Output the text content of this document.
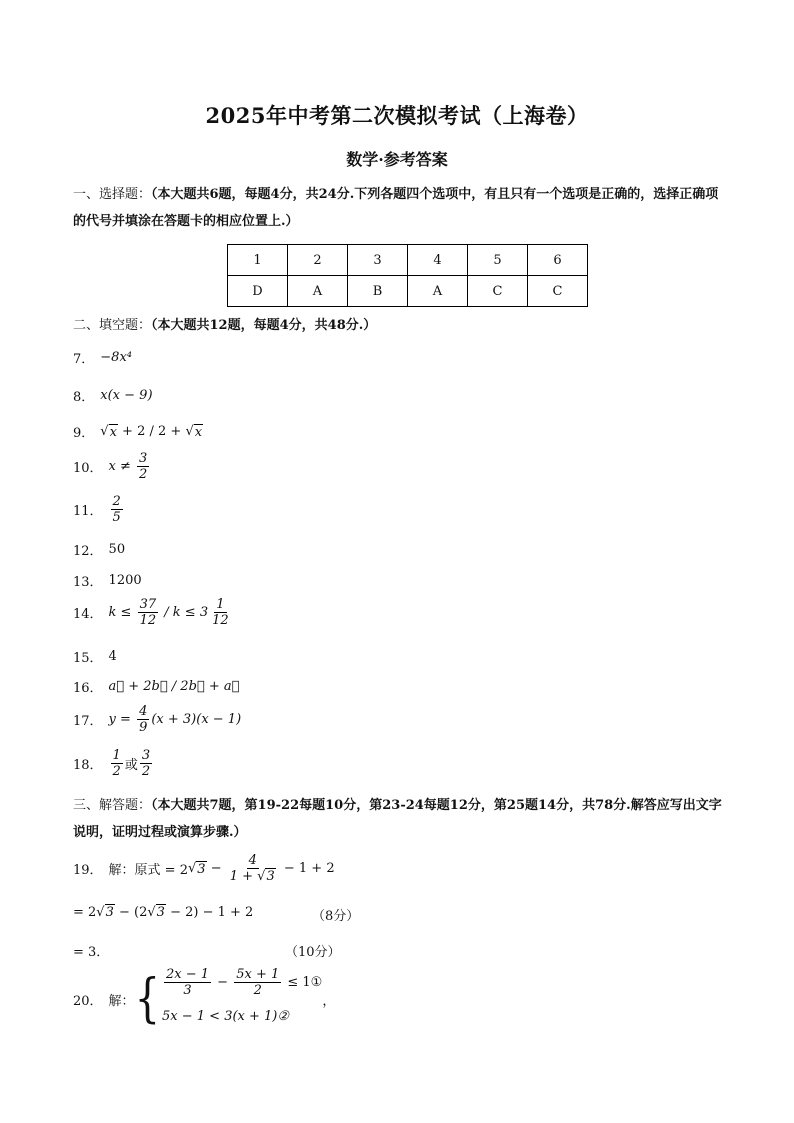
2025年中考第二次模拟考试（上海卷）
数学·参考答案
一、选择题：（本大题共6题，每题4分，共24分.下列各题四个选项中，有且只有一个选项是正确的，选择正确项的代号并填涂在答题卡的相应位置上.）
1	2	3	4	5	6
D	A	B	A	C	C
二、填空题：（本大题共12题，每题4分，共48分.）
7． −8x⁴
8． x(x − 9)
9． √ x + 2 / 2 + √ x
10． $x \ne \frac{3}{2}$
11． $\frac{2}{5}$
12． 50
13． 1200
14． $k \le \frac{37}{12} / k \le 3 \frac{1}{12}$
15． 4
16． a⃗ + 2b⃗ / 2b⃗ + a⃗
17． $y = \frac{4}{9} (x + 3)(x - 1)$
18． $\frac{1}{2}$ 或 $\frac{3}{2}$
三、解答题：（本大题共7题，第19-22每题10分，第23-24每题12分，第25题14分，共78分.解答应写出文字说明，证明过程或演算步骤.）
19． 解：原式 = 2 √ $3 - \frac{4}{1 + √3} - 1 + 2$
= 2 √ 3 − (2 √ 3 − 2) − 1 + 2	（8分）
= 3．	（10分）
20． 解： { $\frac{2x - 1}{3} - \frac{5x + 1}{2}$ ≤ 1①
5x − 1 < 3(x + 1)②
，
